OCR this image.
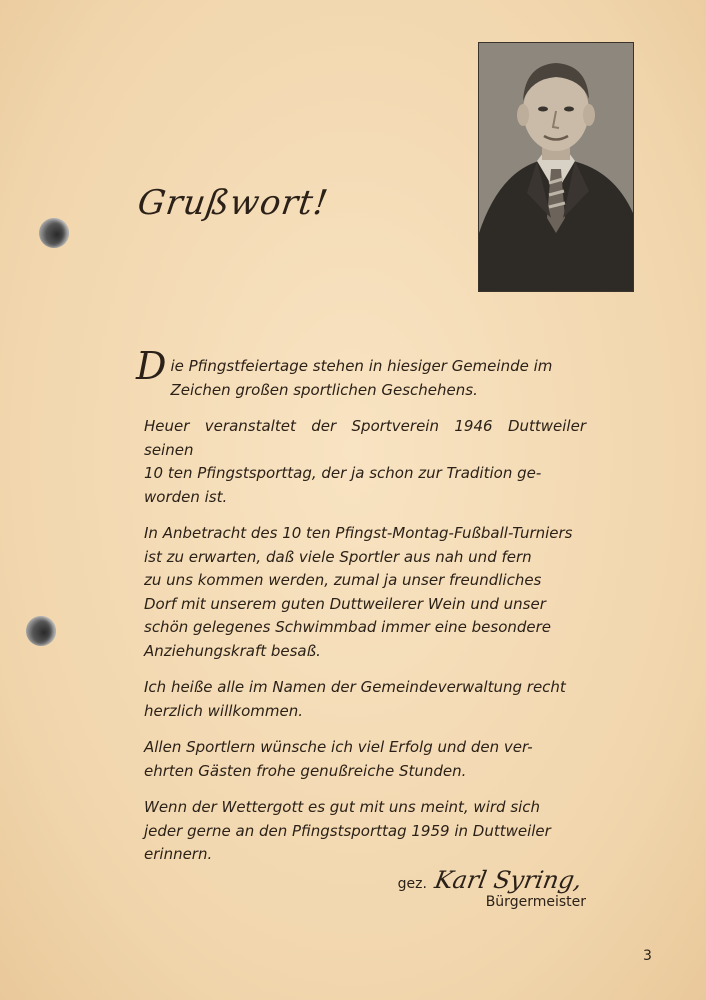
Grußwort!

D ie Pfingstfeiertage stehen in hiesiger Gemeinde im
Zeichen großen sportlichen Geschehens.

Heuer veranstaltet der Sportverein 1946 Duttweiler seinen
10 ten Pfingstsporttag, der ja schon zur Tradition ge-
worden ist.

In Anbetracht des 10 ten Pfingst-Montag-Fußball-Turniers
ist zu erwarten, daß viele Sportler aus nah und fern
zu uns kommen werden, zumal ja unser freundliches
Dorf mit unserem guten Duttweilerer Wein und unser
schön gelegenes Schwimmbad immer eine besondere
Anziehungskraft besaß.

Ich heiße alle im Namen der Gemeindeverwaltung recht
herzlich willkommen.

Allen Sportlern wünsche ich viel Erfolg und den ver-
ehrten Gästen frohe genußreiche Stunden.

Wenn der Wettergott es gut mit uns meint, wird sich
jeder gerne an den Pfingstsporttag 1959 in Duttweiler
erinnern.

gez. Karl Syring, Bürgermeister
3
